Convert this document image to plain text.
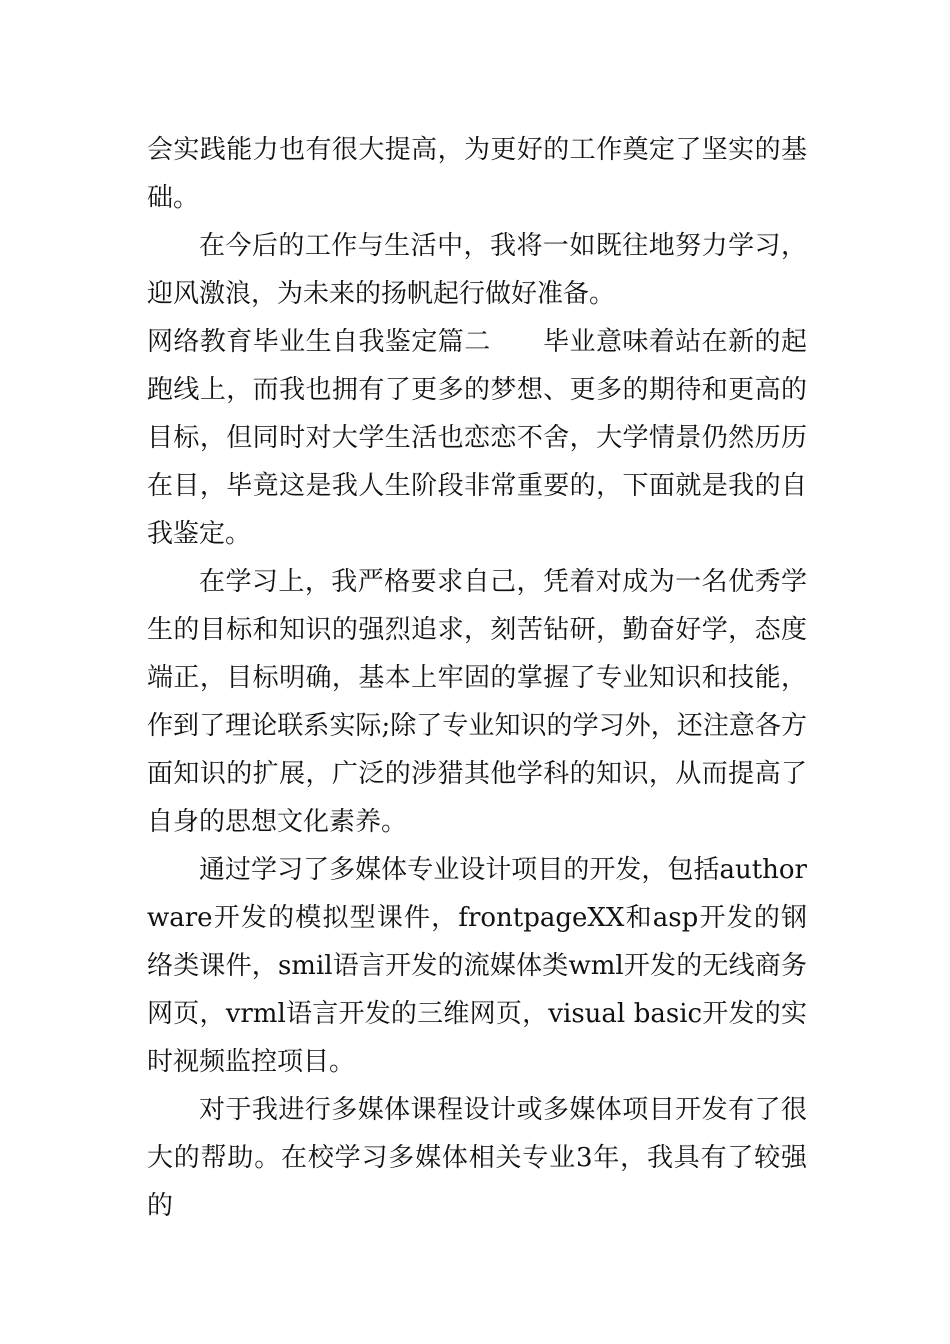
会实践能力也有很大提高，为更好的工作奠定了坚实的基础。

在今后的工作与生活中，我将一如既往地努力学习，迎风激浪，为未来的扬帆起行做好准备。

网络教育毕业生自我鉴定篇二 毕业意味着站在新的起跑线上，而我也拥有了更多的梦想、更多的期待和更高的目标，但同时对大学生活也恋恋不舍，大学情景仍然历历在目，毕竟这是我人生阶段非常重要的，下面就是我的自我鉴定。

在学习上，我严格要求自己，凭着对成为一名优秀学生的目标和知识的强烈追求，刻苦钻研，勤奋好学，态度端正，目标明确，基本上牢固的掌握了专业知识和技能，作到了理论联系实际;除了专业知识的学习外，还注意各方面知识的扩展，广泛的涉猎其他学科的知识，从而提高了自身的思想文化素养。

通过学习了多媒体专业设计项目的开发，包括authorware开发的模拟型课件，frontpageXX和asp开发的钢络类课件，smil语言开发的流媒体类wml开发的无线商务网页，vrml语言开发的三维网页，visual basic开发的实时视频监控项目。

对于我进行多媒体课程设计或多媒体项目开发有了很大的帮助。在校学习多媒体相关专业3年，我具有了较强的
